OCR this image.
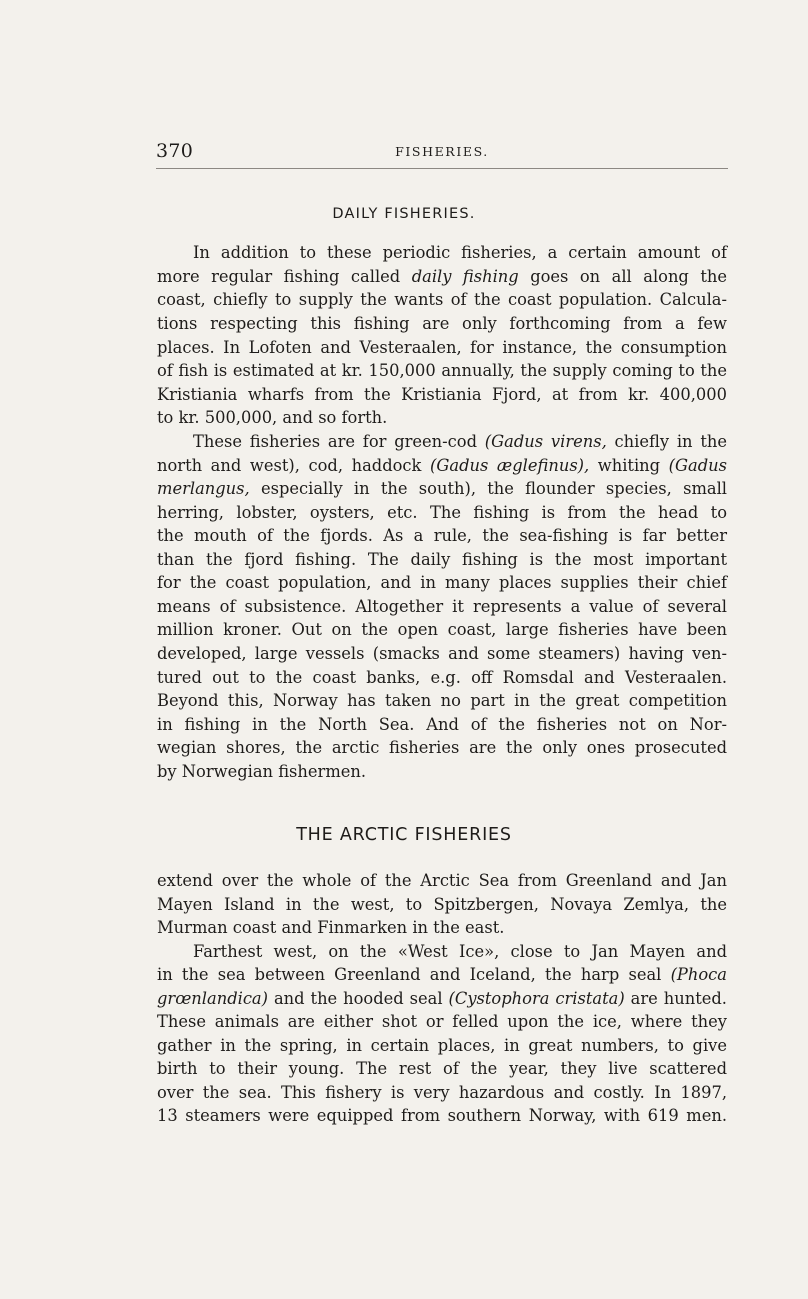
370	FISHERIES.
DAILY FISHERIES.
In addition to these periodic fisheries, a certain amount of
more regular fishing called daily fishing goes on all along the
coast, chiefly to supply the wants of the coast population. Calcula-
tions respecting this fishing are only forthcoming from a few
places. In Lofoten and Vesteraalen, for instance, the consumption
of fish is estimated at kr. 150,000 annually, the supply coming to the
Kristiania wharfs from the Kristiania Fjord, at from kr. 400,000
to kr. 500,000, and so forth.
These fisheries are for green-cod (Gadus virens, chiefly in the
north and west), cod, haddock (Gadus æglefinus), whiting (Gadus
merlangus, especially in the south), the flounder species, small
herring, lobster, oysters, etc. The fishing is from the head to
the mouth of the fjords. As a rule, the sea-fishing is far better
than the fjord fishing. The daily fishing is the most important
for the coast population, and in many places supplies their chief
means of subsistence. Altogether it represents a value of several
million kroner. Out on the open coast, large fisheries have been
developed, large vessels (smacks and some steamers) having ven-
tured out to the coast banks, e.g. off Romsdal and Vesteraalen.
Beyond this, Norway has taken no part in the great competition
in fishing in the North Sea. And of the fisheries not on Nor-
wegian shores, the arctic fisheries are the only ones prosecuted
by Norwegian fishermen.
THE ARCTIC FISHERIES
extend over the whole of the Arctic Sea from Greenland and Jan
Mayen Island in the west, to Spitzbergen, Novaya Zemlya, the
Murman coast and Finmarken in the east.
Farthest west, on the «West Ice», close to Jan Mayen and
in the sea between Greenland and Iceland, the harp seal (Phoca
grœnlandica) and the hooded seal (Cystophora cristata) are hunted.
These animals are either shot or felled upon the ice, where they
gather in the spring, in certain places, in great numbers, to give
birth to their young. The rest of the year, they live scattered
over the sea. This fishery is very hazardous and costly. In 1897,
13 steamers were equipped from southern Norway, with 619 men.
